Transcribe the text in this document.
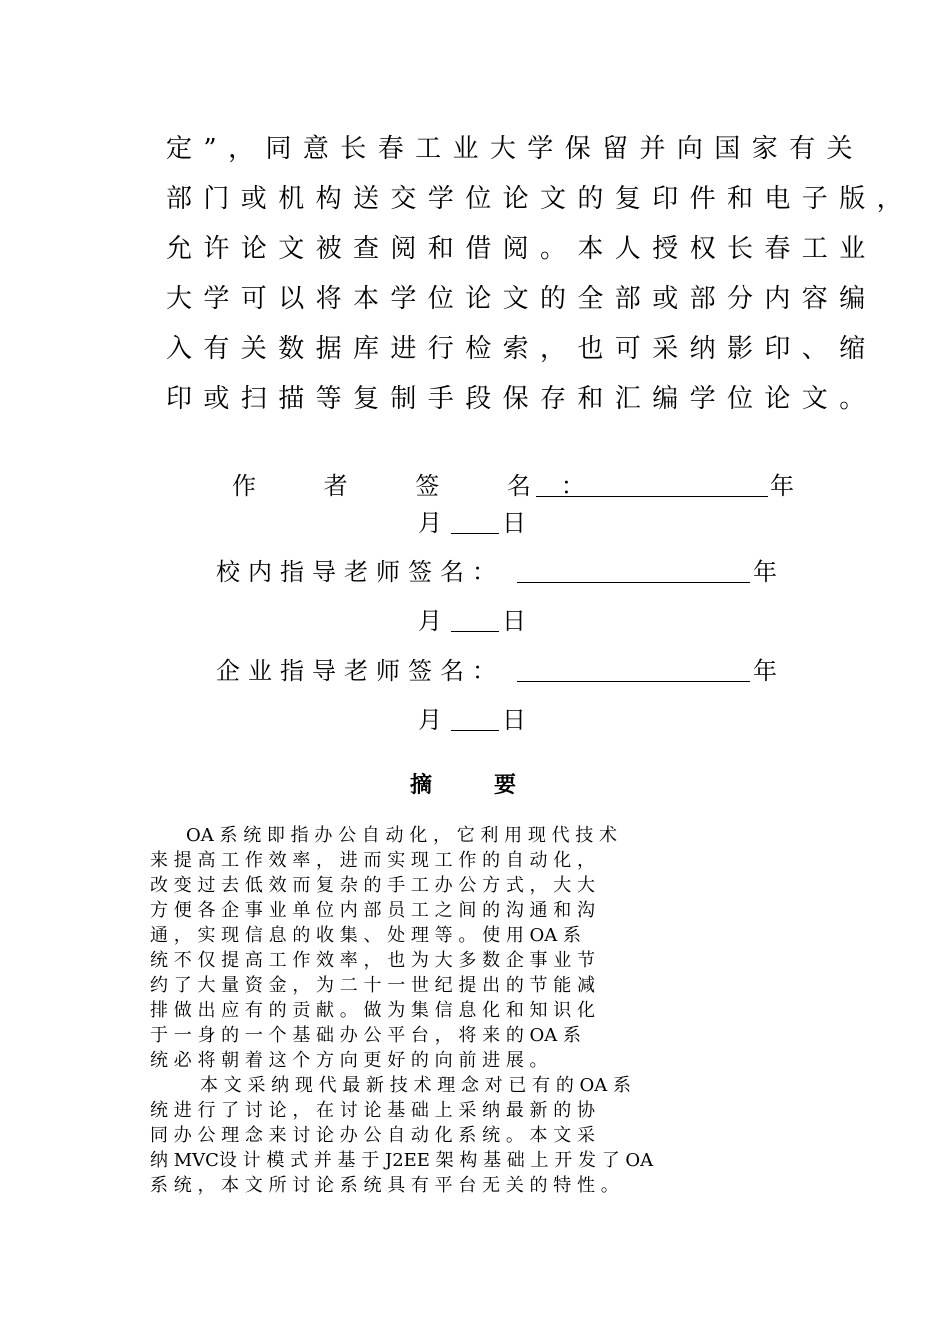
定”，同意长春工业大学保留并向国家有关
部门或机构送交学位论文的复印件和电子版，
允许论文被查阅和借阅。本人授权长春工业
大学可以将本学位论文的全部或部分内容编
入有关数据库进行检索，也可采纳影印、缩
印或扫描等复制手段保存和汇编学位论文。
作 者 签 名：	年
月	日
校内指导老师签名：	年
月	日
企业指导老师签名：	年
月	日
摘要
OA 系 统 即 指 办 公 自 动 化 ， 它 利 用 现 代 技 术
来 提 高 工 作 效 率 ， 进 而 实 现 工 作 的 自 动 化 ，
改 变 过 去 低 效 而 复 杂 的 手 工 办 公 方 式 ， 大 大
方 便 各 企 事 业 单 位 内 部 员 工 之 间 的 沟 通 和 沟
通 ， 实 现 信 息 的 收 集 、 处 理 等 。 使 用 OA 系
统 不 仅 提 高 工 作 效 率 ， 也 为 大 多 数 企 事 业 节
约 了 大 量 资 金 ， 为 二 十 一 世 纪 提 出 的 节 能 减
排 做 出 应 有 的 贡 献 。 做 为 集 信 息 化 和 知 识 化
于 一 身 的 一 个 基 础 办 公 平 台 ， 将 来 的 OA 系
统 必 将 朝 着 这 个 方 向 更 好 的 向 前 进 展 。
本 文 采 纳 现 代 最 新 技 术 理 念 对 已 有 的 OA 系
统 进 行 了 讨 论 ， 在 讨 论 基 础 上 采 纳 最 新 的 协
同 办 公 理 念 来 讨 论 办 公 自 动 化 系 统 。 本 文 采
纳 MVC设 计 模 式 并 基 于 J2EE 架 构 基 础 上 开 发 了 OA
系 统 ， 本 文 所 讨 论 系 统 具 有 平 台 无 关 的 特 性 。
